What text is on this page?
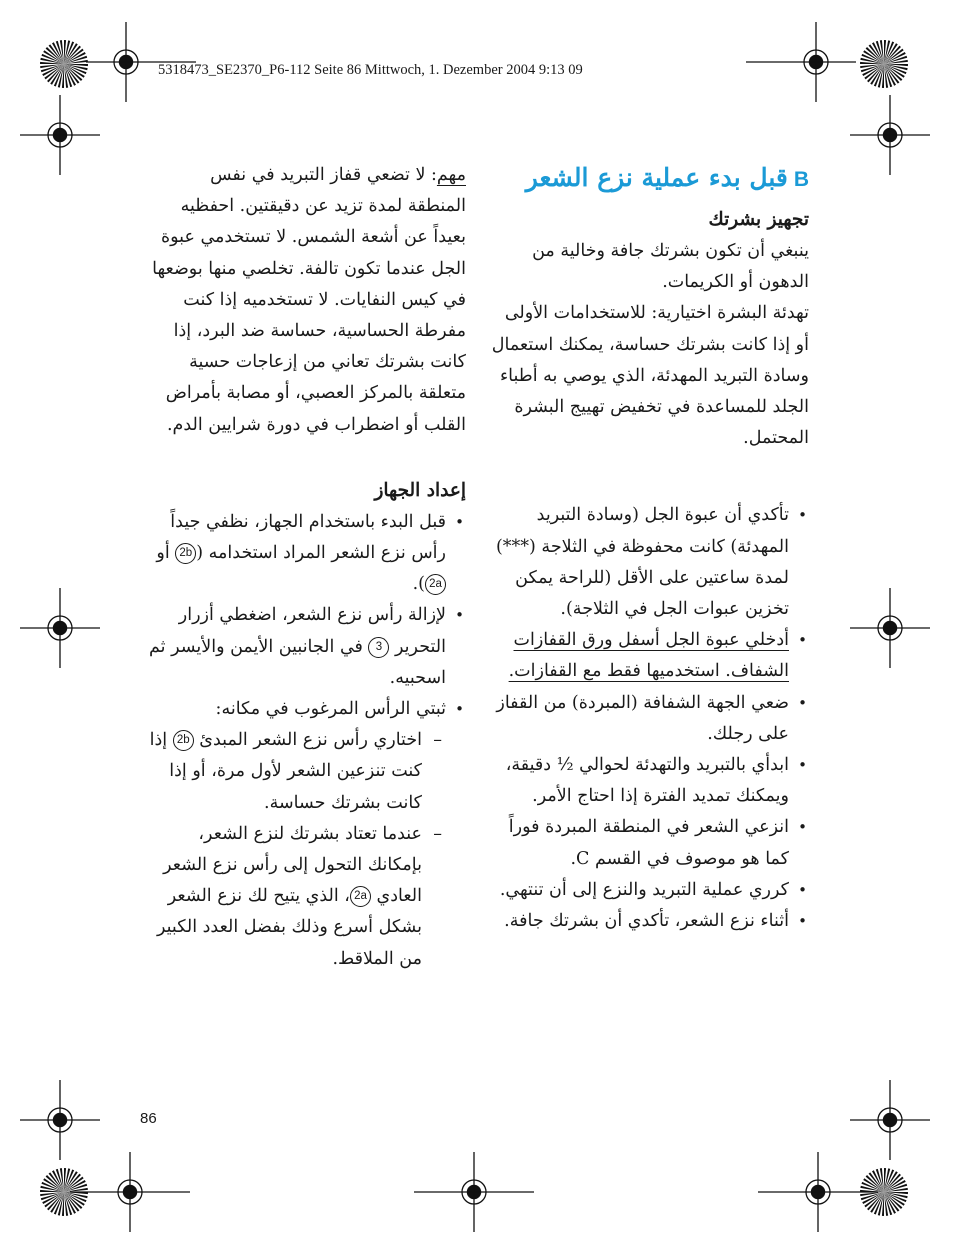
5318473_SE2370_P6-112 Seite 86 Mittwoch, 1. Dezember 2004 9:13 09
Bقبل بدء عملية نزع الشعر
تجهيز بشرتك

ينبغي أن تكون بشرتك جافة وخالية من الدهون أو الكريمات.

تهدئة البشرة اختيارية: للاستخدامات الأولى أو إذا كانت بشرتك حساسة، يمكنك استعمال وسادة التبريد المهدئة، الذي يوصي به أطباء الجلد للمساعدة في تخفيض تهييج البشرة المحتمل.

• تأكدي أن عبوة الجل (وسادة التبريد المهدئة) كانت محفوظة في الثلاجة (***) لمدة ساعتين على الأقل (للراحة يمكن تخزين عبوات الجل في الثلاجة).
• أدخلي عبوة الجل أسفل ورق القفازات الشفاف. استخدميها فقط مع القفازات.
• ضعي الجهة الشفافة (المبردة) من القفاز على رجلك.
• ابدأي بالتبريد والتهدئة لحوالي ½ دقيقة، ويمكنك تمديد الفترة إذا احتاج الأمر.
• انزعي الشعر في المنطقة المبردة فوراً كما هو موصوف في القسم C.
• كرري عملية التبريد والنزع إلى أن تنتهي.
• أثناء نزع الشعر، تأكدي أن بشرتك جافة.

مهم: لا تضعي قفاز التبريد في نفس المنطقة لمدة تزيد عن دقيقتين. احفظيه بعيداً عن أشعة الشمس. لا تستخدمي عبوة الجل عندما تكون تالفة. تخلصي منها بوضعها في كيس النفايات. لا تستخدميه إذا كنت مفرطة الحساسية، حساسة ضد البرد، إذا كانت بشرتك تعاني من إزعاجات حسية متعلقة بالمركز العصبي، أو مصابة بأمراض القلب أو اضطراب في دورة شرايين الدم.

إعداد الجهاز
• قبل البدء باستخدام الجهاز، نظفي جيداً رأس نزع الشعر المراد استخدامه (2b أو 2a).
• لإزالة رأس نزع الشعر، اضغطي أزرار التحرير 3 في الجانبين الأيمن والأيسر ثم اسحبيه.
• ثبتي الرأس المرغوب في مكانه:
– اختاري رأس نزع الشعر المبدئ 2b إذا كنت تنزعين الشعر لأول مرة، أو إذا كانت بشرتك حساسة.
– عندما تعتاد بشرتك لنزع الشعر، بإمكانك التحول إلى رأس نزع الشعر العادي 2a، الذي يتيح لك نزع الشعر بشكل أسرع وذلك بفضل العدد الكبير من الملاقط.
86
